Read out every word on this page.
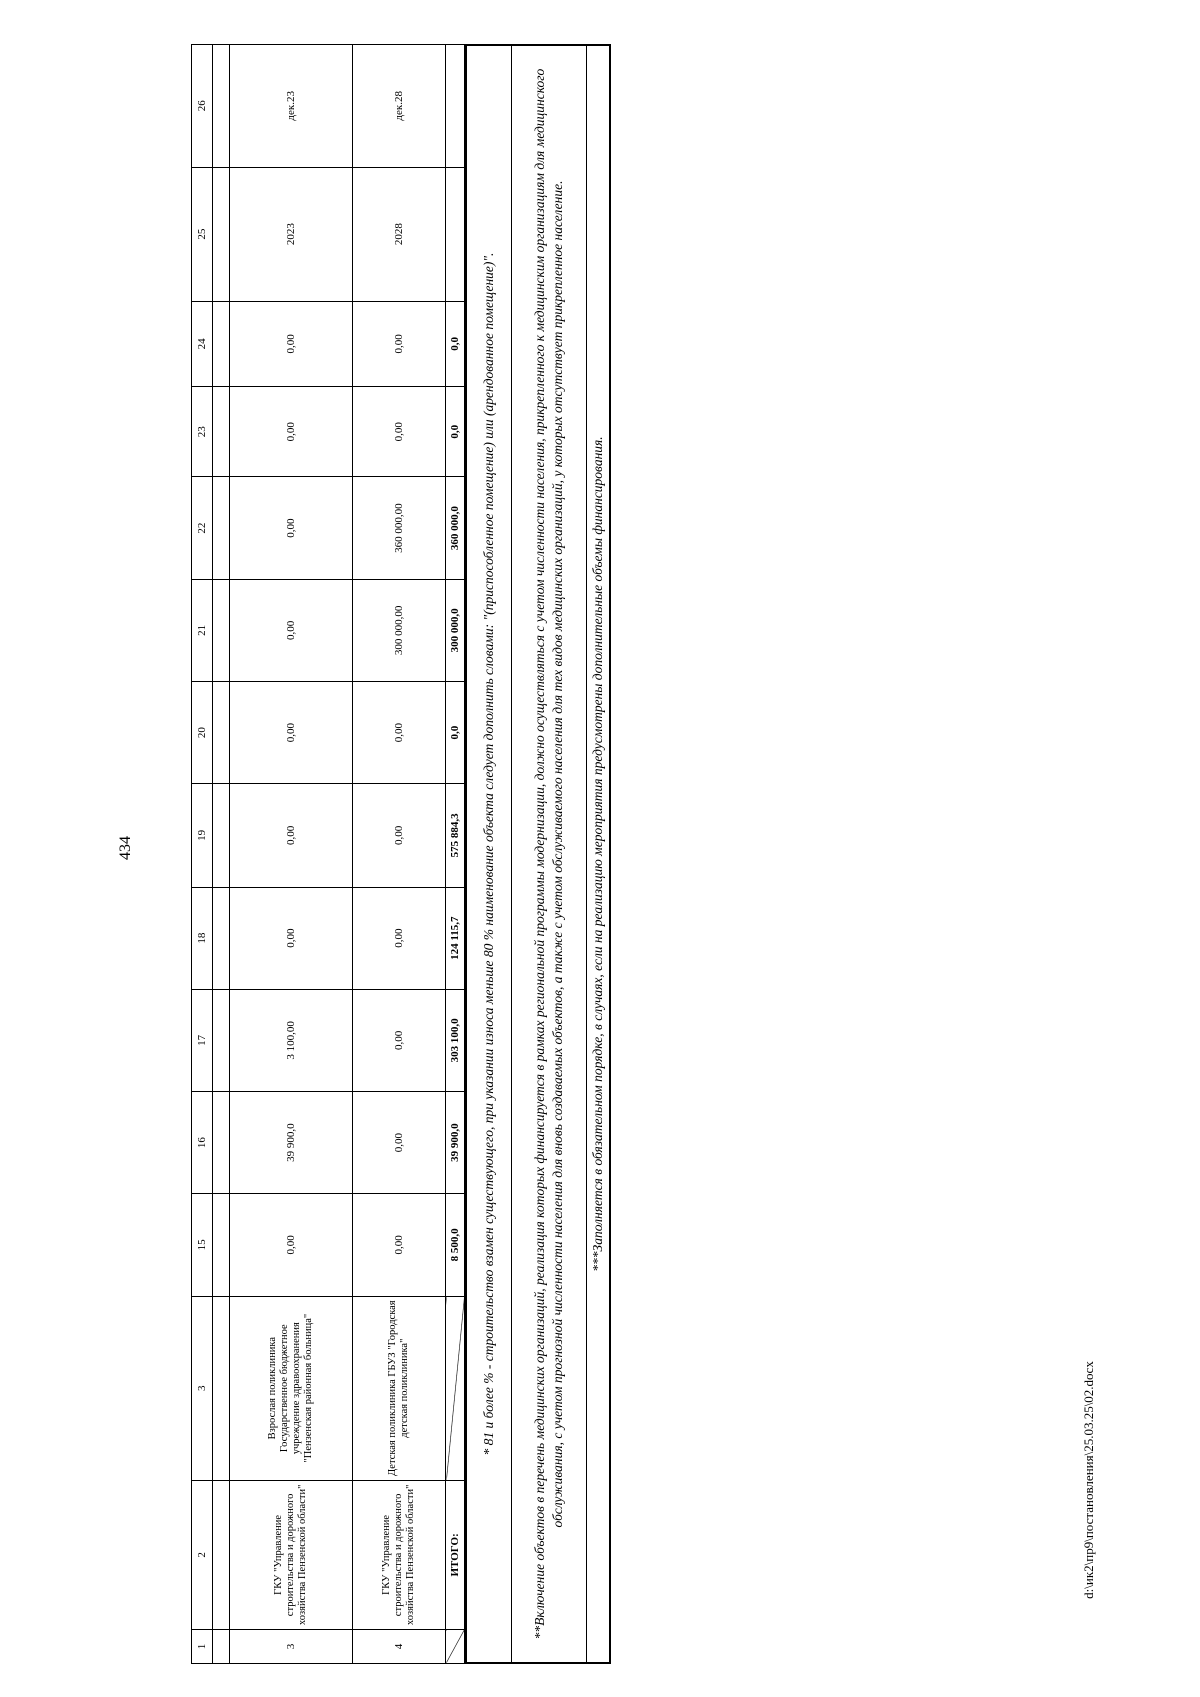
434
1	2	3	15	16	17	18	19	20	21	22	23	24	25	26

3	ГКУ "Управление строительства и дорожного хозяйства Пензенской области"	Взрослая поликлиника Государственное бюджетное учреждение здравоохранения "Пензенская районная больница"	0,00	39 900,0	3 100,00	0,00	0,00	0,00	0,00	0,00	0,00	0,00	2023	дек.23
4	ГКУ "Управление строительства и дорожного хозяйства Пензенской области"	Детская поликлиника ГБУЗ "Городская детская поликлиника"	0,00	0,00	0,00	0,00	0,00	0,00	300 000,00	360 000,00	0,00	0,00	2028	дек.28
	ИТОГО:		8 500,0	39 900,0	303 100,0	124 115,7	575 884,3	0,0	300 000,0	360 000,0	0,0	0,0		* 81 и более % - строительство взамен существующего, при указании износа меньше 80 % наименование объекта следует дополнить словами: "(приспособленное помещение) или (арендованное помещение)".
**Включение объектов в перечень медицинских организаций, реализация которых финансируется в рамках региональной программы модернизации, должно осуществляться с учетом численности населения, прикрепленного к медицинским организациям для медицинского обслуживания, с учетом прогнозной численности населения для вновь создаваемых объектов, а также с учетом обслуживаемого населения для тех видов медицинских организаций, у которых отсутствует прикрепленное население.
***Заполняется в обязательном порядке, в случаях, если на реализацию мероприятия предусмотрены дополнительные объемы финансирования.
d:\ик2\пр9\постановления\25.03.25\02.docx
